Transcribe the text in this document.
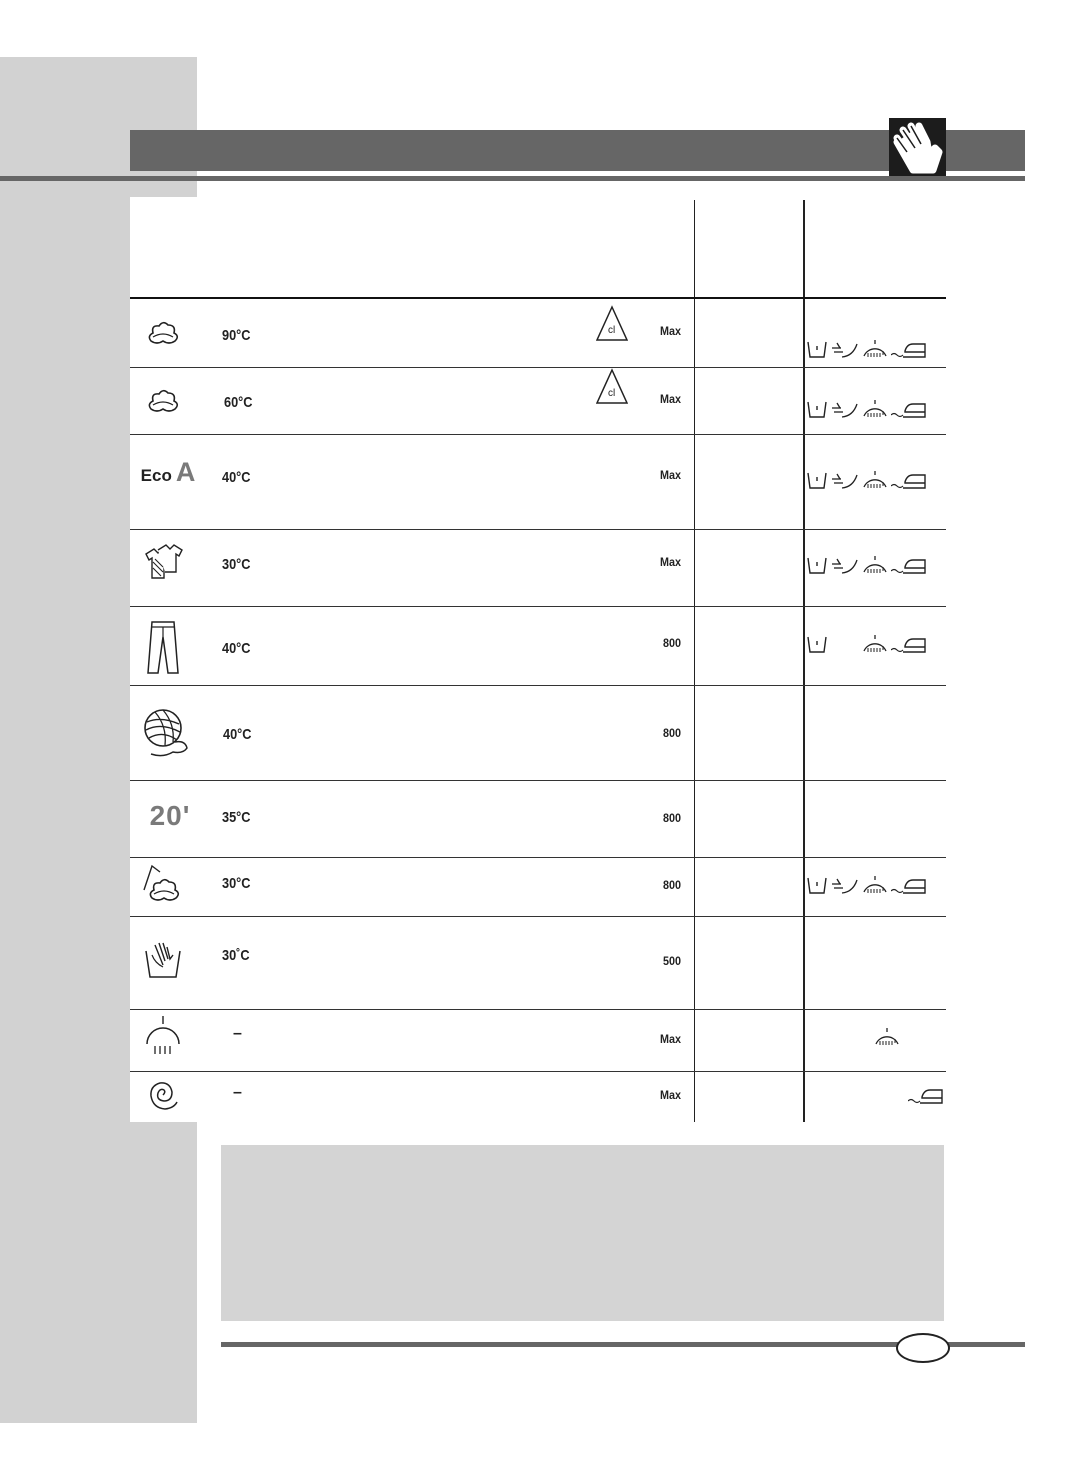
90°C	Max
60°C	Max
Eco A 40°C	Max
30°C	Max
40°C	800
40°C	800
20' 35°C	800
30°C	800
30˚C	500
–	Max
–	Max
